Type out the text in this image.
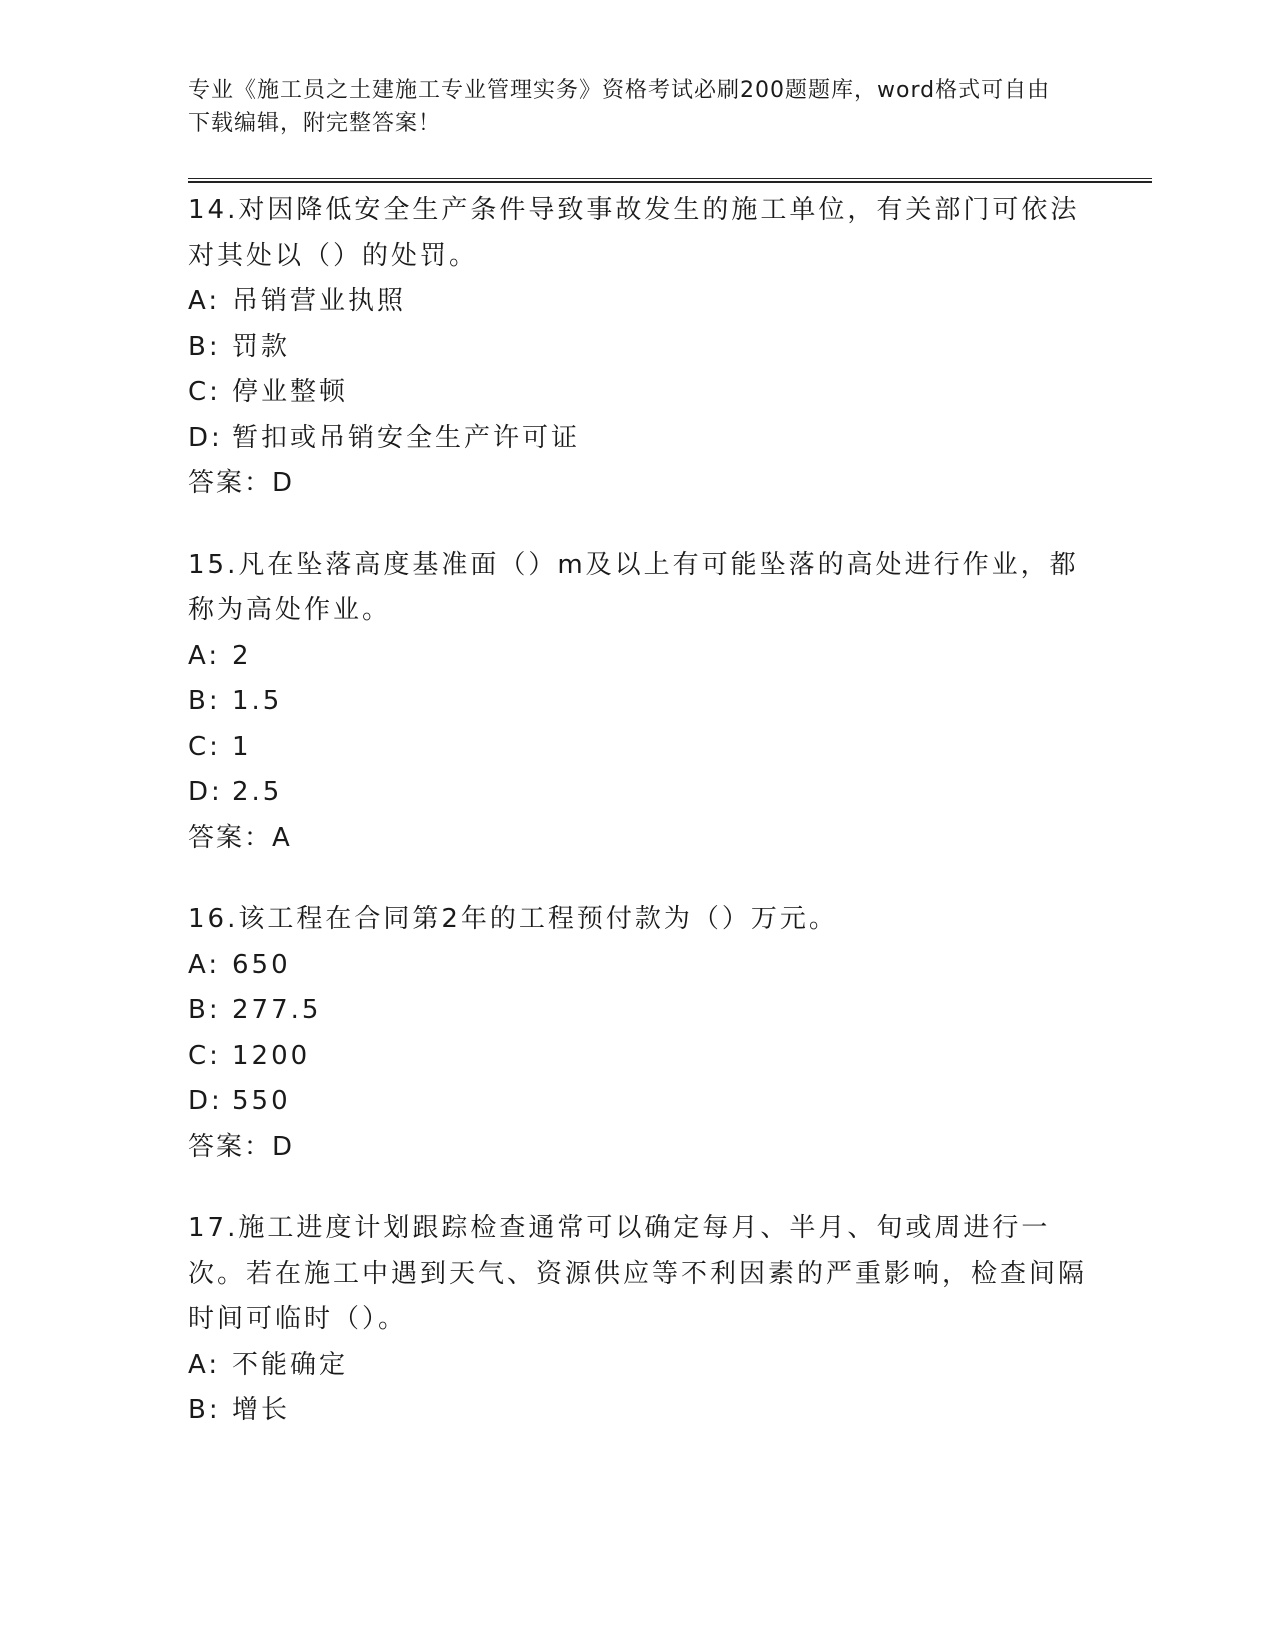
专业《施工员之土建施工专业管理实务》资格考试必刷200题题库，word格式可自由下载编辑，附完整答案！
14.对因降低安全生产条件导致事故发生的施工单位，有关部门可依法对其处以（）的处罚。
A: 吊销营业执照
B: 罚款
C: 停业整顿
D: 暂扣或吊销安全生产许可证
答案：D
15.凡在坠落高度基准面（）m及以上有可能坠落的高处进行作业，都称为高处作业。
A: 2
B: 1.5
C: 1
D: 2.5
答案：A
16.该工程在合同第2年的工程预付款为（）万元。
A: 650
B: 277.5
C: 1200
D: 550
答案：D
17.施工进度计划跟踪检查通常可以确定每月、半月、旬或周进行一次。若在施工中遇到天气、资源供应等不利因素的严重影响，检查间隔时间可临时（）。
A: 不能确定
B: 增长
